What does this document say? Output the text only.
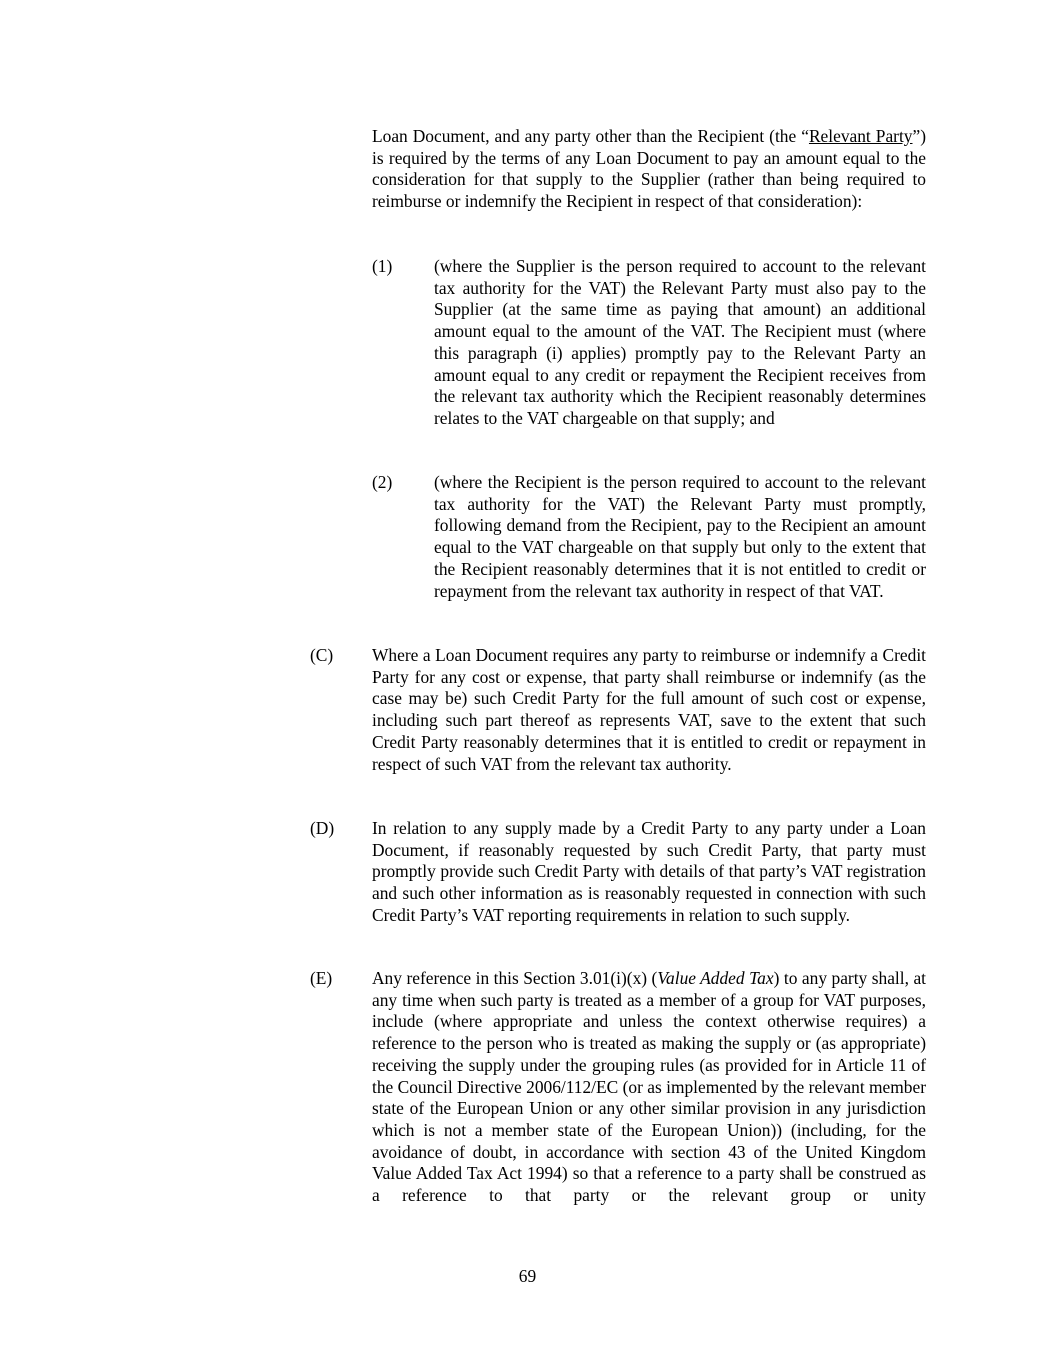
Loan Document, and any party other than the Recipient (the “Relevant Party”) is required by the terms of any Loan Document to pay an amount equal to the consideration for that supply to the Supplier (rather than being required to reimburse or indemnify the Recipient in respect of that consideration):

(1) (where the Supplier is the person required to account to the relevant tax authority for the VAT) the Relevant Party must also pay to the Supplier (at the same time as paying that amount) an additional amount equal to the amount of the VAT. The Recipient must (where this paragraph (i) applies) promptly pay to the Relevant Party an amount equal to any credit or repayment the Recipient receives from the relevant tax authority which the Recipient reasonably determines relates to the VAT chargeable on that supply; and

(2) (where the Recipient is the person required to account to the relevant tax authority for the VAT) the Relevant Party must promptly, following demand from the Recipient, pay to the Recipient an amount equal to the VAT chargeable on that supply but only to the extent that the Recipient reasonably determines that it is not entitled to credit or repayment from the relevant tax authority in respect of that VAT.

(C) Where a Loan Document requires any party to reimburse or indemnify a Credit Party for any cost or expense, that party shall reimburse or indemnify (as the case may be) such Credit Party for the full amount of such cost or expense, including such part thereof as represents VAT, save to the extent that such Credit Party reasonably determines that it is entitled to credit or repayment in respect of such VAT from the relevant tax authority.

(D) In relation to any supply made by a Credit Party to any party under a Loan Document, if reasonably requested by such Credit Party, that party must promptly provide such Credit Party with details of that party’s VAT registration and such other information as is reasonably requested in connection with such Credit Party’s VAT reporting requirements in relation to such supply.

(E) Any reference in this Section 3.01(i)(x) (Value Added Tax) to any party shall, at any time when such party is treated as a member of a group for VAT purposes, include (where appropriate and unless the context otherwise requires) a reference to the person who is treated as making the supply or (as appropriate) receiving the supply under the grouping rules (as provided for in Article 11 of the Council Directive 2006/112/EC (or as implemented by the relevant member state of the European Union or any other similar provision in any jurisdiction which is not a member state of the European Union)) (including, for the avoidance of doubt, in accordance with section 43 of the United Kingdom Value Added Tax Act 1994) so that a reference to a party shall be construed as a reference to that party or the relevant group or unity

69
